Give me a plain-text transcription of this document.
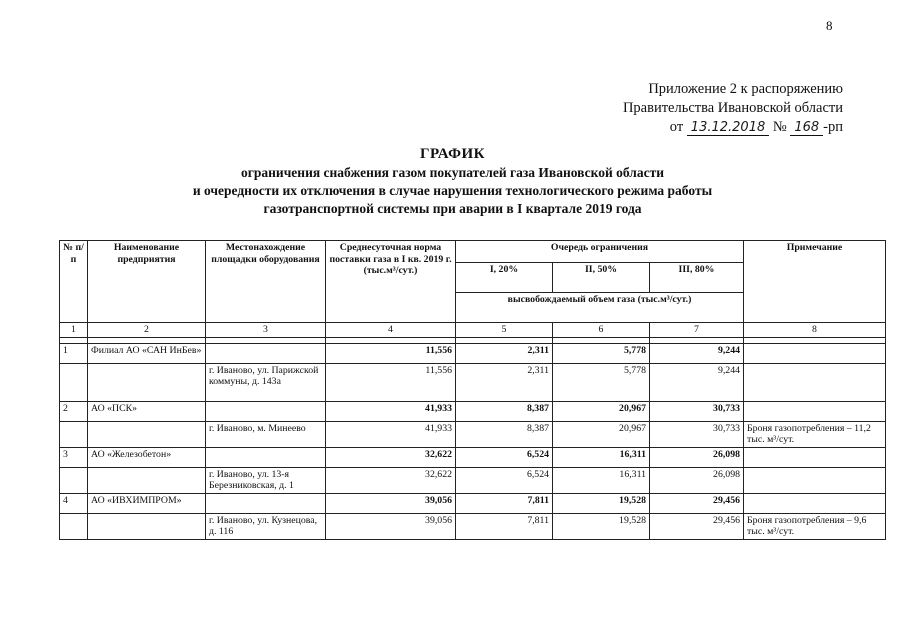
8
Приложение 2 к распоряжению
Правительства Ивановской области
от 13.12.2018 № 168 -рп
ГРАФИК
ограничения снабжения газом покупателей газа Ивановской области
и очередности их отключения в случае нарушения технологического режима работы
газотранспортной системы при аварии в I квартале 2019 года
№ п/п	Наименование предприятия	Местонахождение площадки оборудования	Среднесуточная норма поставки газа в I кв. 2019 г. (тыс.м³/сут.)	Очередь ограничения			Примечание
				I, 20%	II, 50%	III, 80%	
				высвобождаемый объем газа (тыс.м³/сут.)			
1	2	3	4	5	6	7	8

1	Филиал АО «САН ИнБев»		11,556	2,311	5,778	9,244	
		г. Иваново, ул. Парижской коммуны, д. 143а	11,556	2,311	5,778	9,244	
2	АО «ПСК»		41,933	8,387	20,967	30,733	
		г. Иваново, м. Минеево	41,933	8,387	20,967	30,733	Броня газопотребления – 11,2 тыс. м³/сут.
3	АО «Железобетон»		32,622	6,524	16,311	26,098	
		г. Иваново, ул. 13-я Березниковская, д. 1	32,622	6,524	16,311	26,098	
4	АО «ИВХИМПРОМ»		39,056	7,811	19,528	29,456	
		г. Иваново, ул. Кузнецова, д. 116	39,056	7,811	19,528	29,456	Броня газопотребления – 9,6 тыс. м³/сут.
